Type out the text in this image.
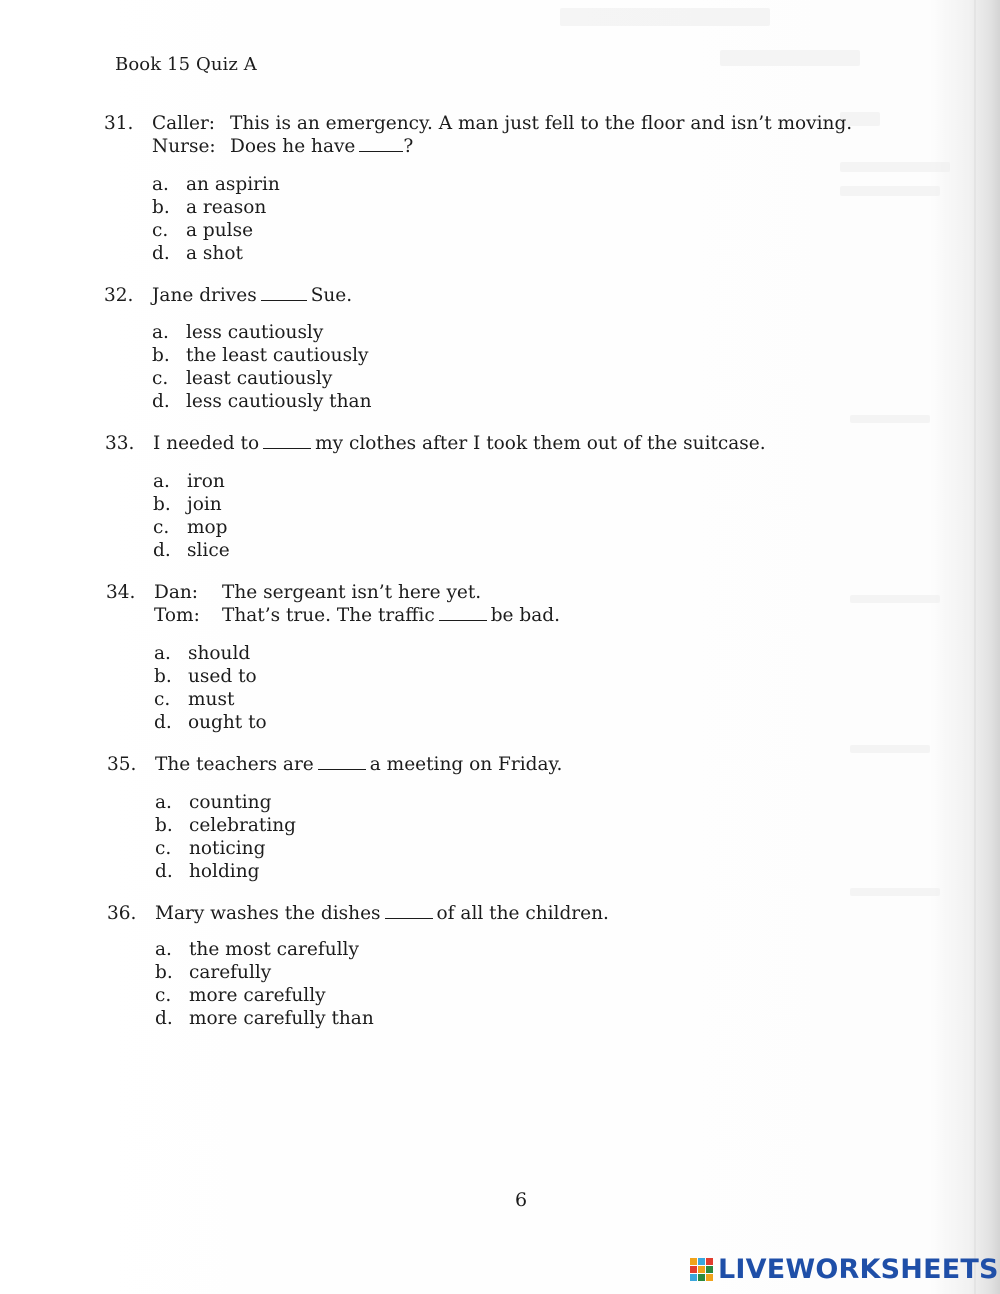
Book 15 Quiz A
31. Caller: This is an emergency. A man just fell to the floor and isn’t moving.
Nurse: Does he have	?
a. an aspirin
b. a reason
c. a pulse
d. a shot
32. Jane drives	Sue.
a. less cautiously
b. the least cautiously
c. least cautiously
d. less cautiously than
33. I needed to	my clothes after I took them out of the suitcase.
a. iron
b. join
c. mop
d. slice
34. Dan: The sergeant isn’t here yet.
Tom: That’s true. The traffic	be bad.
a. should
b. used to
c. must
d. ought to
35. The teachers are	a meeting on Friday.
a. counting
b. celebrating
c. noticing
d. holding
36. Mary washes the dishes	of all the children.
a. the most carefully
b. carefully
c. more carefully
d. more carefully than
6
LIVEWORKSHEETS
